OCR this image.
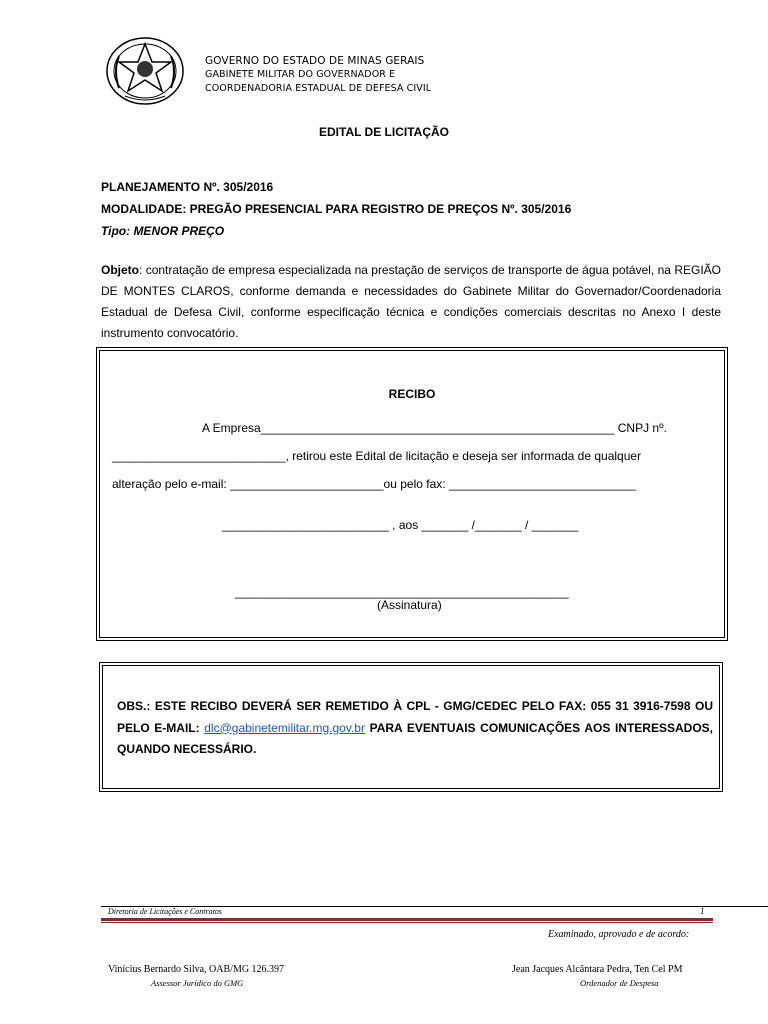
GOVERNO DO ESTADO DE MINAS GERAIS
GABINETE MILITAR DO GOVERNADOR E
COORDENADORIA ESTADUAL DE DEFESA CIVIL
EDITAL DE LICITAÇÃO
PLANEJAMENTO Nº. 305/2016
MODALIDADE: PREGÃO PRESENCIAL PARA REGISTRO DE PREÇOS Nº. 305/2016
Tipo: MENOR PREÇO
Objeto: contratação de empresa especializada na prestação de serviços de transporte de água potável, na REGIÃO DE MONTES CLAROS, conforme demanda e necessidades do Gabinete Militar do Governador/Coordenadoria Estadual de Defesa Civil, conforme especificação técnica e condições comerciais descritas no Anexo I deste instrumento convocatório.
RECIBO
A Empresa_____________________________________________________ CNPJ nº.
__________________________, retirou este Edital de licitação e deseja ser informada de qualquer
alteração pelo e-mail: _______________________ou pelo fax: ____________________________
_________________________ , aos _______ /_______ / _______
__________________________________________________
(Assinatura)
OBS.: ESTE RECIBO DEVERÁ SER REMETIDO À CPL - GMG/CEDEC PELO FAX: 055 31 3916-7598 OU PELO E-MAIL: dlc@gabinetemilitar.mg.gov.br PARA EVENTUAIS COMUNICAÇÕES AOS INTERESSADOS, QUANDO NECESSÁRIO.
Diretoria de Licitações e Contratos	1
Examinado, aprovado e de acordo:
Vinícius Bernardo Silva, OAB/MG 126.397
Assessor Jurídico do GMG
Jean Jacques Alcântara Pedra, Ten Cel PM
Ordenador de Despesa
